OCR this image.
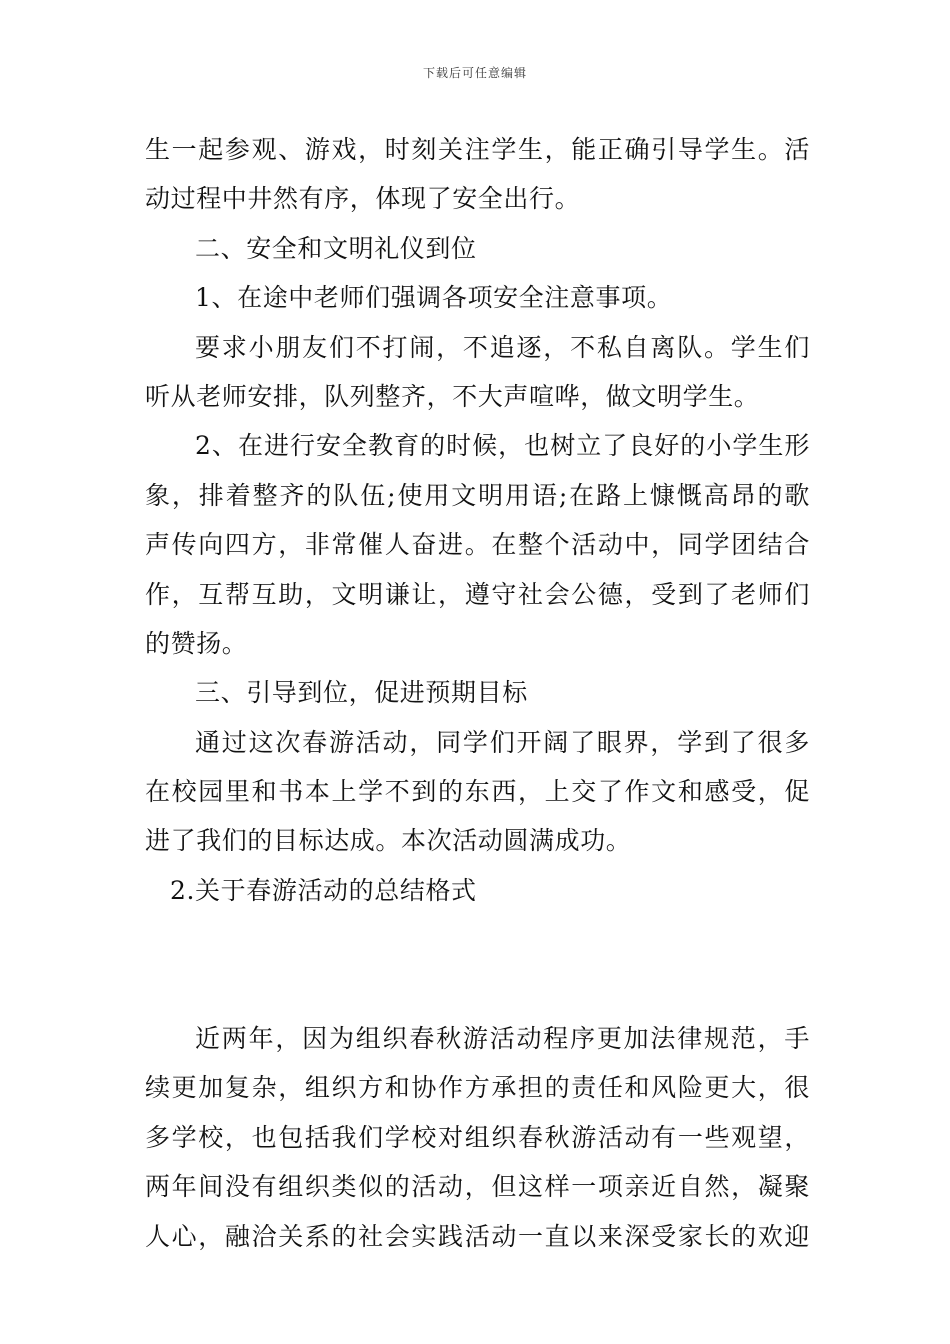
下载后可任意编辑
生一起参观、游戏，时刻关注学生，能正确引导学生。活
动过程中井然有序，体现了安全出行。
二、安全和文明礼仪到位
1、在途中老师们强调各项安全注意事项。
要求小朋友们不打闹，不追逐，不私自离队。学生们
听从老师安排，队列整齐，不大声喧哗，做文明学生。
2、在进行安全教育的时候，也树立了良好的小学生形
象，排着整齐的队伍;使用文明用语;在路上慷慨高昂的歌
声传向四方，非常催人奋进。在整个活动中，同学团结合
作，互帮互助，文明谦让，遵守社会公德，受到了老师们
的赞扬。
三、引导到位，促进预期目标
通过这次春游活动，同学们开阔了眼界，学到了很多
在校园里和书本上学不到的东西，上交了作文和感受，促
进了我们的目标达成。本次活动圆满成功。
2.关于春游活动的总结格式
近两年，因为组织春秋游活动程序更加法律规范，手
续更加复杂，组织方和协作方承担的责任和风险更大，很
多学校，也包括我们学校对组织春秋游活动有一些观望，
两年间没有组织类似的活动，但这样一项亲近自然，凝聚
人心，融洽关系的社会实践活动一直以来深受家长的欢迎
